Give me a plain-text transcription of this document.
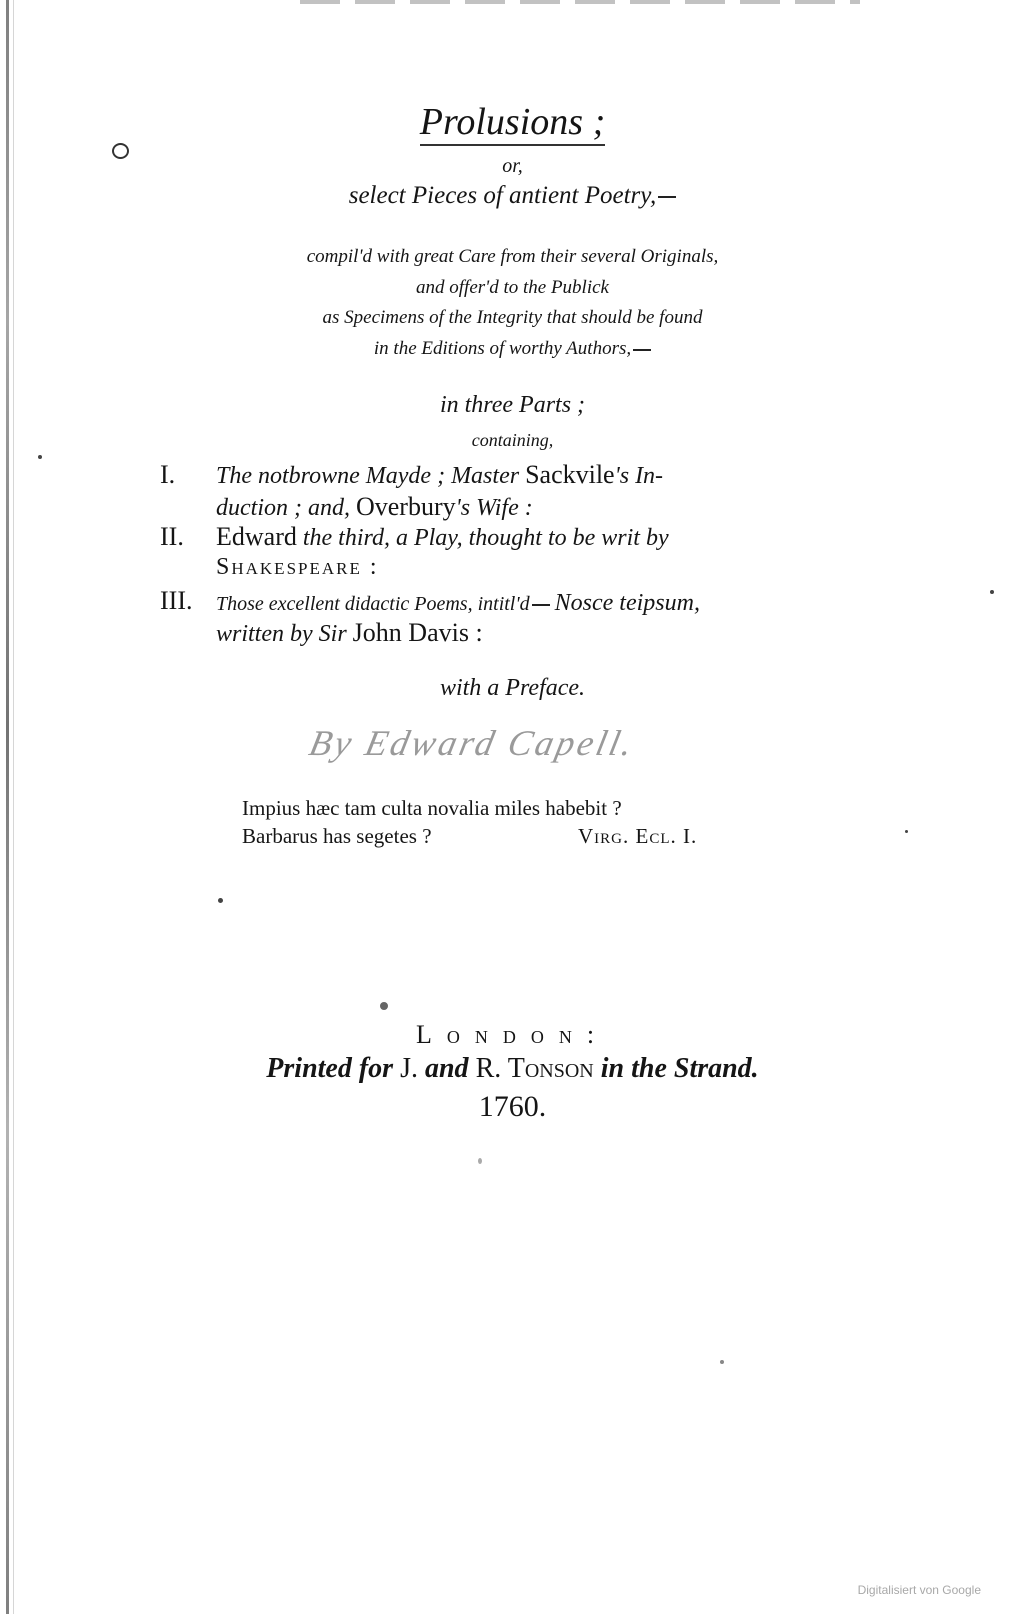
Prolusions ;
or,
select Pieces of antient Poetry,
compil'd with great Care from their several Originals,
and offer'd to the Publick
as Specimens of the Integrity that should be found
in the Editions of worthy Authors,
in three Parts ;
containing,
I. The notbrowne Mayde ; Master Sackvile's In-
duction ; and, Overbury's Wife :
II. Edward the third, a Play, thought to be writ by
Shakespeare :
III. Those excellent didactic Poems, intitl'd Nosce teipsum,
written by Sir John Davis :
with a Preface.
By Edward Capell.
Impius hæc tam culta novalia miles habebit ?
Barbarus has segetes ?	Virg. Ecl. I.
London:
Printed for J. and R. Tonson in the Strand.
1760.
Digitalisiert von Google
